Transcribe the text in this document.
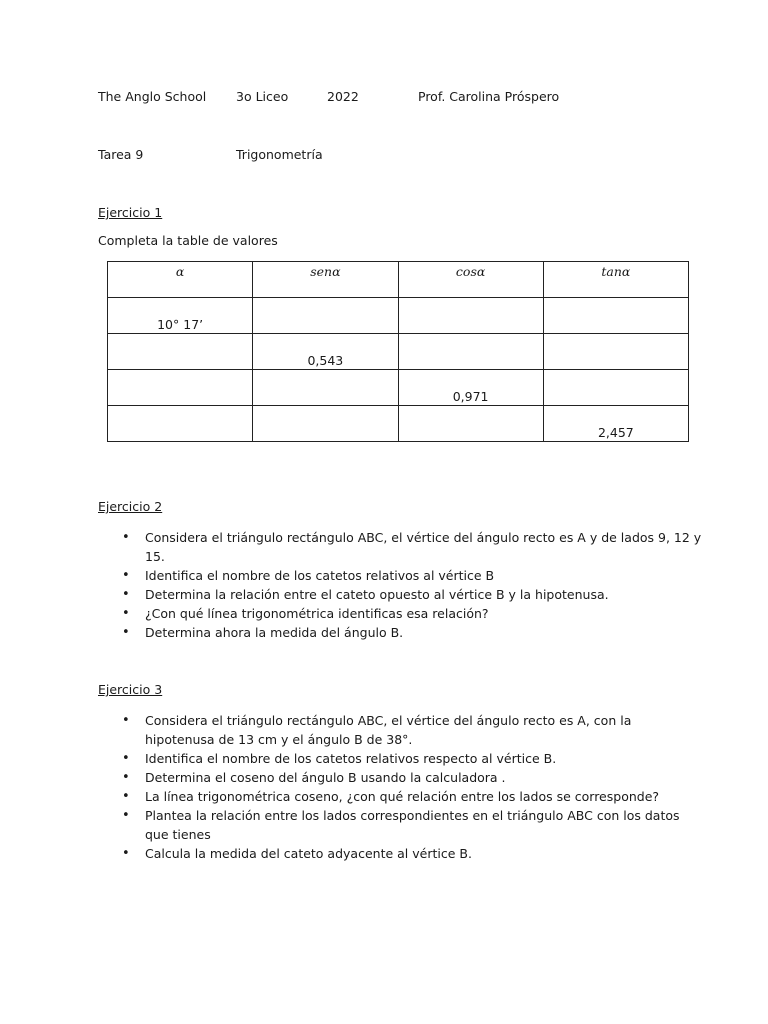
The Anglo School 3o Liceo	2022	Prof. Carolina Próspero
Tarea 9	Trigonometría
Ejercicio 1
Completa la table de valores
α	senα	cosα	tanα
10° 17’			
	0,543		
		0,971	
			2,457
Ejercicio 2
• Considera el triángulo rectángulo ABC, el vértice del ángulo recto es A y de lados 9, 12 y 15.
• Identifica el nombre de los catetos relativos al vértice B
• Determina la relación entre el cateto opuesto al vértice B y la hipotenusa.
• ¿Con qué línea trigonométrica identificas esa relación?
• Determina ahora la medida del ángulo B.
Ejercicio 3
• Considera el triángulo rectángulo ABC, el vértice del ángulo recto es A, con la hipotenusa de 13 cm y el ángulo B de 38°.
• Identifica el nombre de los catetos relativos respecto al vértice B.
• Determina el coseno del ángulo B usando la calculadora .
• La línea trigonométrica coseno, ¿con qué relación entre los lados se corresponde?
• Plantea la relación entre los lados correspondientes en el triángulo ABC con los datos que tienes
• Calcula la medida del cateto adyacente al vértice B.
